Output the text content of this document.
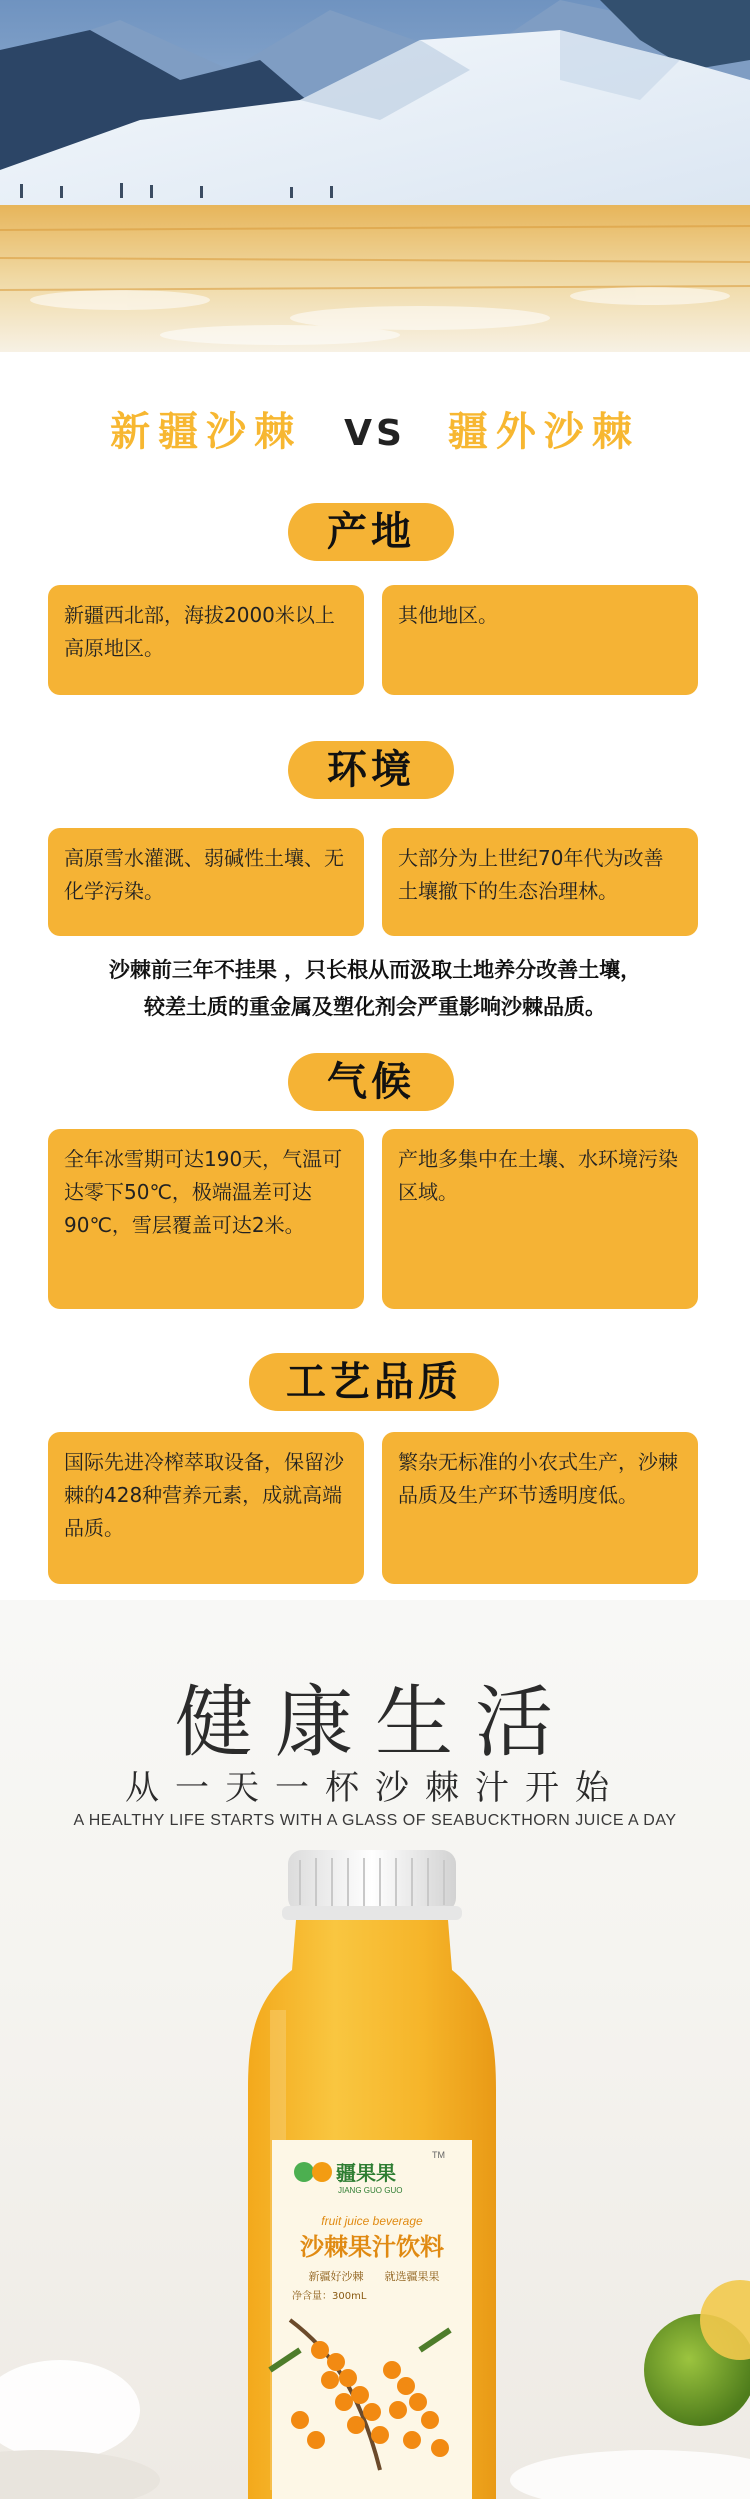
新疆沙棘 VS 疆外沙棘
产地
新疆西北部，海拔2000米以上高原地区。
其他地区。
环境
高原雪水灌溉、弱碱性土壤、无化学污染。
大部分为上世纪70年代为改善土壤撤下的生态治理林。
沙棘前三年不挂果 ，只长根从而汲取土地养分改善土壤，
较差土质的重金属及塑化剂会严重影响沙棘品质。
气候
全年冰雪期可达190天，气温可达零下50℃，极端温差可达90℃，雪层覆盖可达2米。
产地多集中在土壤、水环境污染区域。
工艺品质
国际先进冷榨萃取设备，保留沙棘的428种营养元素，成就高端品质。
繁杂无标准的小农式生产，沙棘品质及生产环节透明度低。
健康生活
从一天一杯沙棘汁开始
A HEALTHY LIFE STARTS WITH A GLASS OF SEABUCKTHORN JUICE A DAY
疆果果
TM
JIANG GUO GUO
fruit juice beverage
沙棘果汁饮料
新疆好沙棘 就选疆果果
净含量：300mL
